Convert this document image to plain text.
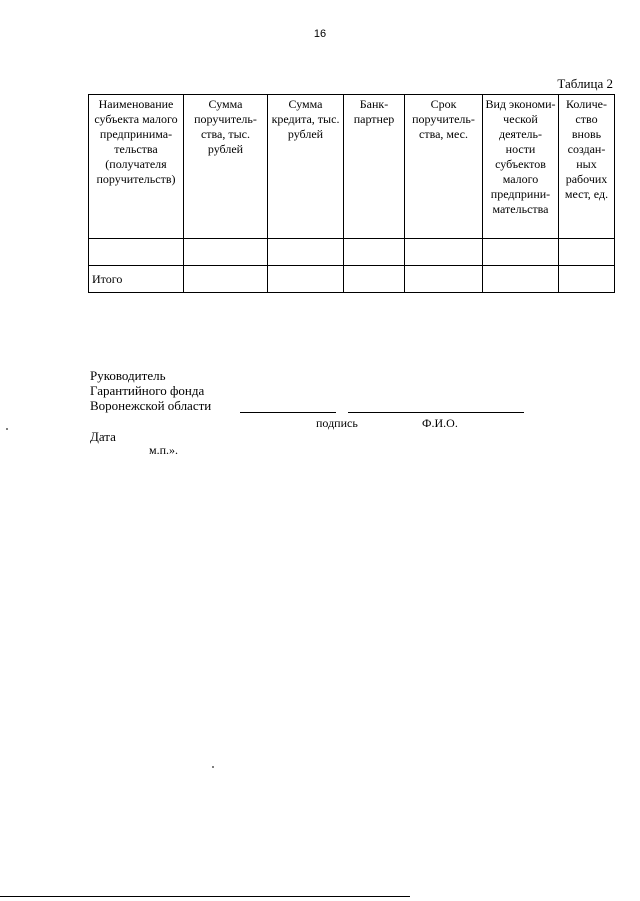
16
Таблица 2
Наименование субъекта малого предпринима-тельства (получателя поручительств)	Сумма поручитель-ства, тыс. рублей	Сумма кредита, тыс. рублей	Банк-партнер	Срок поручитель-ства, мес.	Вид экономи-ческой деятель-ности субъектов малого предприни-мательства	Количе-ство вновь создан-ных рабочих мест, ед.

Итого						
Руководитель
Гарантийного фонда
Воронежской области
подпись	Ф.И.О.
Дата
м.п.».
